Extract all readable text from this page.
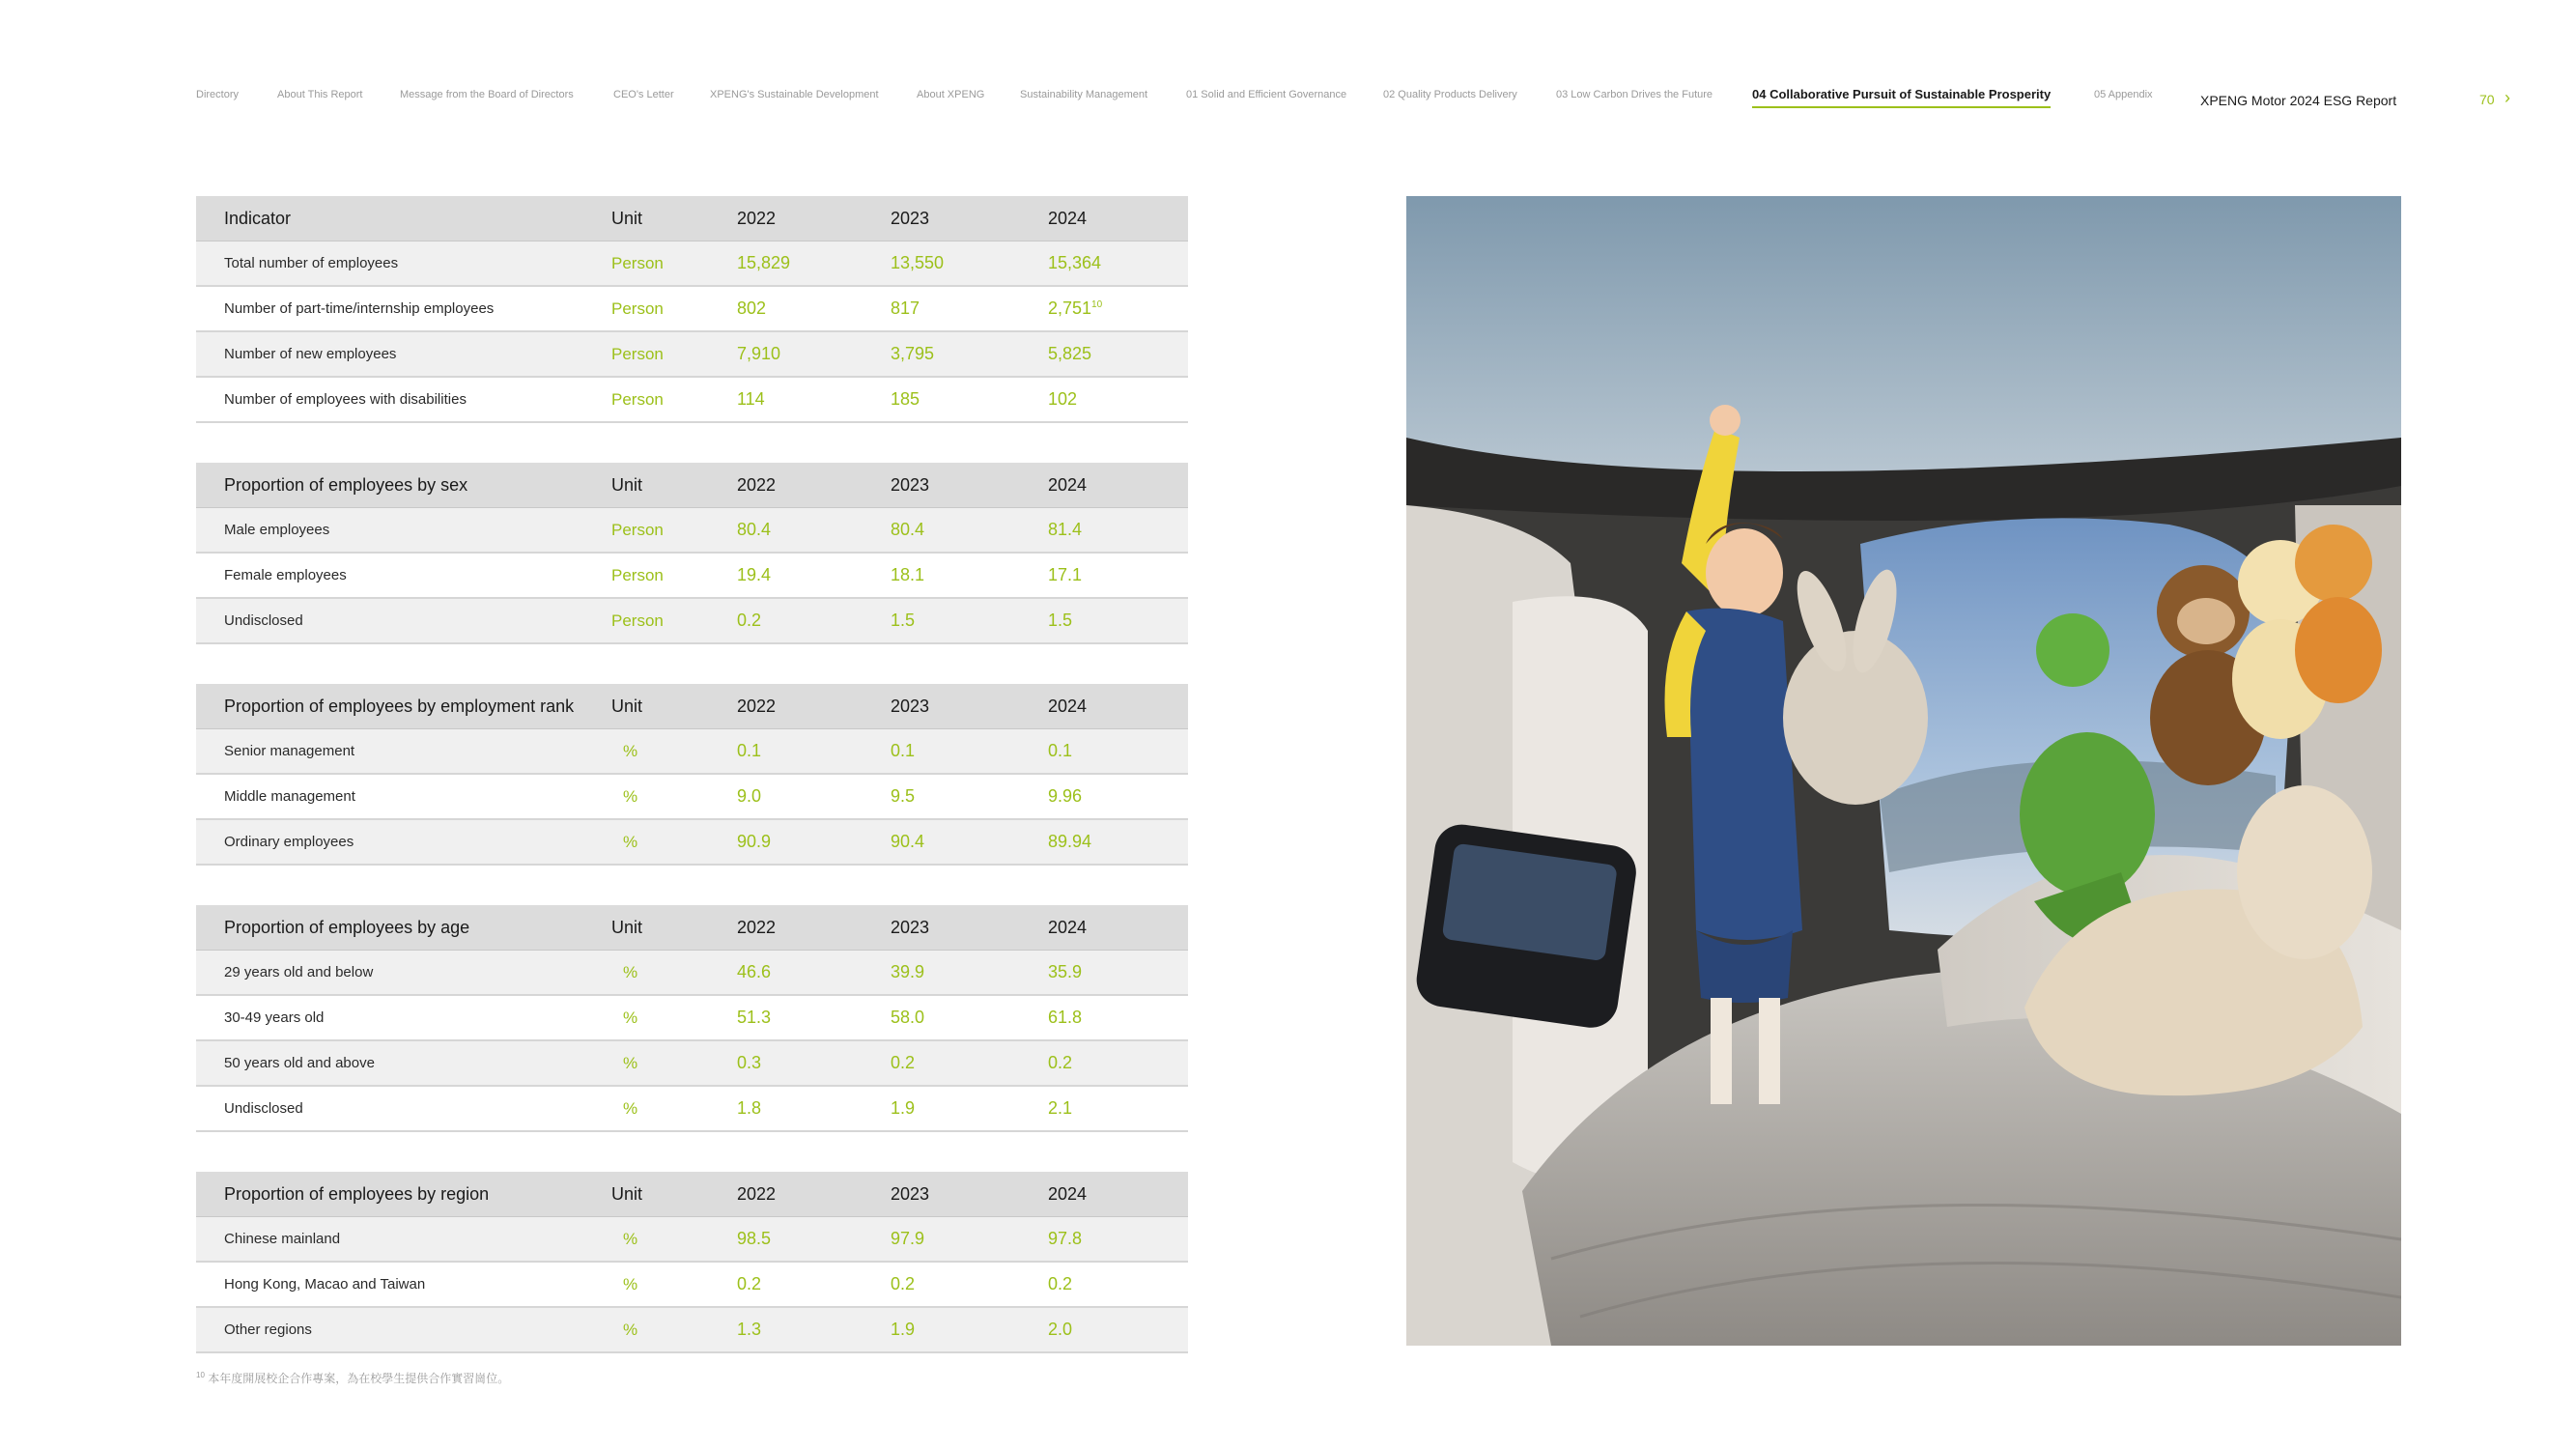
Directory	About This Report	Message from the Board of Directors	CEO's Letter	XPENG's Sustainable Development	About XPENG	Sustainability Management	01 Solid and Efficient Governance	02 Quality Products Delivery	03 Low Carbon Drives the Future	04 Collaborative Pursuit of Sustainable Prosperity	05 Appendix	XPENG Motor 2024 ESG Report	70 ›
Indicator	Unit	2022	2023	2024
Total number of employees	Person	15,829	13,550	15,364
Number of part-time/internship employees	Person	802	817	2,751$^{10}$
Number of new employees	Person	7,910	3,795	5,825
Number of employees with disabilities	Person	114	185	102
Proportion of employees by sex	Unit	2022	2023	2024
Male employees	Person	80.4	80.4	81.4
Female employees	Person	19.4	18.1	17.1
Undisclosed	Person	0.2	1.5	1.5
Proportion of employees by employment rank	Unit	2022	2023	2024
Senior management	%	0.1	0.1	0.1
Middle management	%	9.0	9.5	9.96
Ordinary employees	%	90.9	90.4	89.94
Proportion of employees by age	Unit	2022	2023	2024
29 years old and below	%	46.6	39.9	35.9
30-49 years old	%	51.3	58.0	61.8
50 years old and above	%	0.3	0.2	0.2
Undisclosed	%	1.8	1.9	2.1
Proportion of employees by region	Unit	2022	2023	2024
Chinese mainland	%	98.5	97.9	97.8
Hong Kong, Macao and Taiwan	%	0.2	0.2	0.2
Other regions	%	1.3	1.9	2.0
$^{10}$ 本年度開展校企合作專案，為在校學生提供合作實習崗位。
